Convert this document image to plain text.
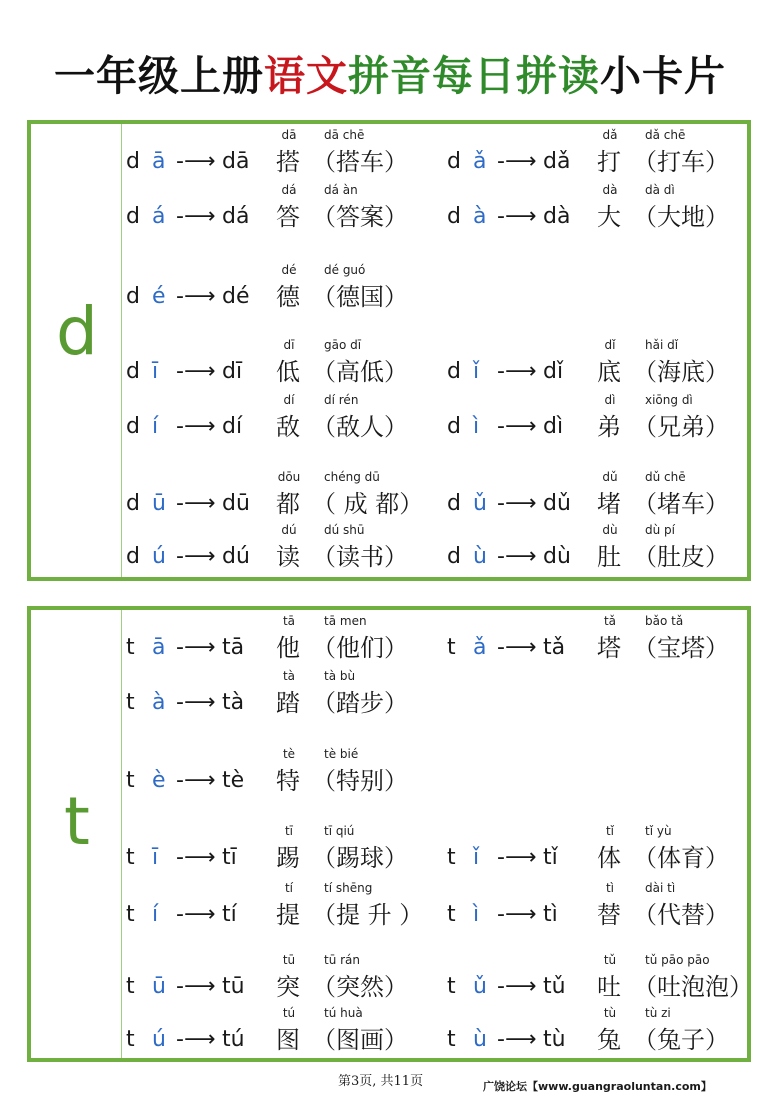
一年级上册语文拼音每日拼读小卡片
d
d ā -⟶ dā
dā
搭
dā chē
（搭车） d ǎ -⟶ dǎ
dǎ
打
dǎ chē
（打车）
d á -⟶ dá
dá
答
dá àn
（答案） d à -⟶ dà
dà
大
dà dì
（大地）
d é -⟶ dé
dé
德
dé guó
（德国）
d ī -⟶ dī
dī
低
gāo dī
（高低） d ǐ -⟶ dǐ
dǐ
底
hǎi dǐ
（海底）
d í -⟶ dí
dí
敌
dí rén
（敌人） d ì -⟶ dì
dì
弟
xiōng dì
（兄弟）
d ū -⟶ dū
dōu
都
chéng dū
（ 成 都） d ǔ -⟶ dǔ
dǔ
堵
dǔ chē
（堵车）
d ú -⟶ dú
dú
读
dú shū
（读书） d ù -⟶ dù
dù
肚
dù pí
（肚皮）
t
t ā -⟶ tā
tā
他
tā men
（他们） t ǎ -⟶ tǎ
tǎ
塔
bǎo tǎ
（宝塔）
t à -⟶ tà
tà
踏
tà bù
（踏步）
t è -⟶ tè
tè
特
tè bié
（特别）
t ī -⟶ tī
tī
踢
tī qiú
（踢球） t ǐ -⟶ tǐ
tǐ
体
tǐ yù
（体育）
t í -⟶ tí
tí
提
tí shēng
（提 升 ） t ì -⟶ tì
tì
替
dài tì
（代替）
t ū -⟶ tū
tū
突
tū rán
（突然） t ǔ -⟶ tǔ
tǔ
吐
tǔ pāo pāo
（吐泡泡）
t ú -⟶ tú
tú
图
tú huà
（图画） t ù -⟶ tù
tù
兔
tù zi
（兔子）
第3页, 共11页	广饶论坛【www.guangraoluntan.com】
